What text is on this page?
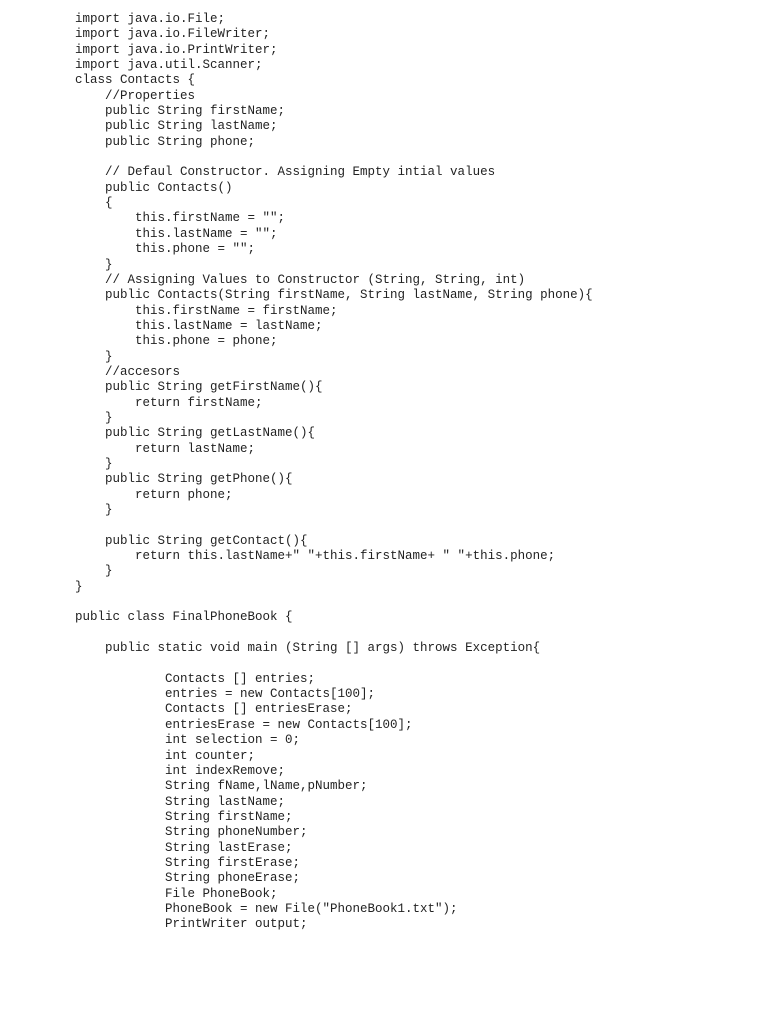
import java.io.File;
import java.io.FileWriter;
import java.io.PrintWriter;
import java.util.Scanner;
class Contacts {
//Properties
public String firstName;
public String lastName;
public String phone;
// Defaul Constructor. Assigning Empty intial values
public Contacts()
{
this.firstName = "";
this.lastName = "";
this.phone = "";
}
// Assigning Values to Constructor (String, String, int)
public Contacts(String firstName, String lastName, String phone){
this.firstName = firstName;
this.lastName = lastName;
this.phone = phone;
}
//accesors
public String getFirstName(){
return firstName;
}
public String getLastName(){
return lastName;
}
public String getPhone(){
return phone;
}
public String getContact(){
return this.lastName+" "+this.firstName+ " "+this.phone;
}
}
public class FinalPhoneBook {
public static void main (String [] args) throws Exception{
Contacts [] entries;
entries = new Contacts[100];
Contacts [] entriesErase;
entriesErase = new Contacts[100];
int selection = 0;
int counter;
int indexRemove;
String fName,lName,pNumber;
String lastName;
String firstName;
String phoneNumber;
String lastErase;
String firstErase;
String phoneErase;
File PhoneBook;
PhoneBook = new File("PhoneBook1.txt");
PrintWriter output;
